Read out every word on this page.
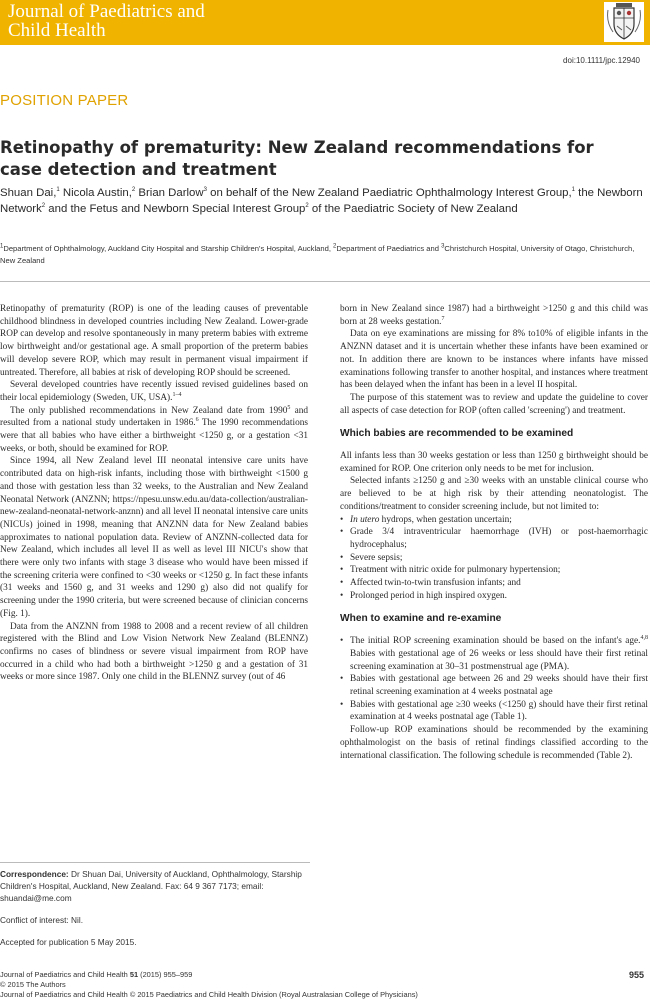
Journal of Paediatrics and
Child Health
doi:10.1111/jpc.12940
POSITION PAPER
Retinopathy of prematurity: New Zealand recommendations for case detection and treatment
Shuan Dai,$^1$ Nicola Austin,$^2$ Brian Darlow$^3$ on behalf of the New Zealand Paediatric Ophthalmology Interest Group,$^1$ the Newborn Network$^2$ and the Fetus and Newborn Special Interest Group$^2$ of the Paediatric Society of New Zealand
$^1$Department of Ophthalmology, Auckland City Hospital and Starship Children's Hospital, Auckland, $^2$Department of Paediatrics and $^3$Christchurch Hospital, University of Otago, Christchurch, New Zealand

Retinopathy of prematurity (ROP) is one of the leading causes of preventable childhood blindness in developed countries including New Zealand. Lower-grade ROP can develop and resolve spontaneously in many preterm babies with extreme low birthweight and/or gestational age. A small proportion of the preterm babies will develop severe ROP, which may result in permanent visual impairment if untreated. Therefore, all babies at risk of developing ROP should be screened.

Several developed countries have recently issued revised guidelines based on their local epidemiology (Sweden, UK, USA).$^{1-4}$

The only published recommendations in New Zealand date from 1990$^5$ and resulted from a national study undertaken in 1986.$^6$ The 1990 recommendations were that all babies who have either a birthweight <1250 g, or a gestation <31 weeks, or both, should be examined for ROP.

Since 1994, all New Zealand level III neonatal intensive care units have contributed data on high-risk infants, including those with birthweight <1500 g and those with gestation less than 32 weeks, to the Australian and New Zealand Neonatal Network (ANZNN; https://npesu.unsw.edu.au/data-collection/australian-new-zealand-neonatal-network-anznn) and all level II neonatal intensive care units (NICUs) joined in 1998, meaning that ANZNN data for New Zealand babies approximates to national population data. Review of ANZNN-collected data for New Zealand, which includes all level II as well as level III NICU's show that there were only two infants with stage 3 disease who would have been missed if the screening criteria were confined to <30 weeks or <1250 g. In fact these infants (31 weeks and 1560 g, and 31 weeks and 1290 g) also did not qualify for screening under the 1990 criteria, but were screened because of clinician concerns (Fig. 1).

Data from the ANZNN from 1988 to 2008 and a recent review of all children registered with the Blind and Low Vision Network New Zealand (BLENNZ) confirms no cases of blindness or severe visual impairment from ROP have occurred in a child who had both a birthweight >1250 g and a gestation of 31 weeks or more since 1987. Only one child in the BLENNZ survey (out of 46

Correspondence: Dr Shuan Dai, University of Auckland, Ophthalmology, Starship Children's Hospital, Auckland, New Zealand. Fax: 64 9 367 7173; email: shuandai@me.com

Conflict of interest: Nil.

Accepted for publication 5 May 2015.

born in New Zealand since 1987) had a birthweight >1250 g and this child was born at 28 weeks gestation.$^7$

Data on eye examinations are missing for 8% to10% of eligible infants in the ANZNN dataset and it is uncertain whether these infants have been examined or not. In addition there are known to be instances where infants have missed examinations following transfer to another hospital, and instances where treatment has been delayed when the infant has been in a level II hospital.

The purpose of this statement was to review and update the guideline to cover all aspects of case detection for ROP (often called 'screening') and treatment.

Which babies are recommended to be examined

All infants less than 30 weeks gestation or less than 1250 g birthweight should be examined for ROP. One criterion only needs to be met for inclusion.

Selected infants ≥1250 g and ≥30 weeks with an unstable clinical course who are believed to be at high risk by their attending neonatologist. The conditions/treatment to consider screening include, but not limited to:

• In utero hydrops, when gestation uncertain;
• Grade 3/4 intraventricular haemorrhage (IVH) or post-haemorrhagic hydrocephalus;
• Severe sepsis;
• Treatment with nitric oxide for pulmonary hypertension;
• Affected twin-to-twin transfusion infants; and
• Prolonged period in high inspired oxygen.
When to examine and re-examine
• The initial ROP screening examination should be based on the infant's age.$^{4,8}$ Babies with gestational age of 26 weeks or less should have their first retinal screening examination at 30–31 postmenstrual age (PMA).
• Babies with gestational age between 26 and 29 weeks should have their first retinal screening examination at 4 weeks postnatal age
• Babies with gestational age ≥30 weeks (<1250 g) should have their first retinal examination at 4 weeks postnatal age (Table 1).

Follow-up ROP examinations should be recommended by the examining ophthalmologist on the basis of retinal findings classified according to the international classification. The following schedule is recommended (Table 2).

Journal of Paediatrics and Child Health 51 (2015) 955–959
© 2015 The Authors
Journal of Paediatrics and Child Health © 2015 Paediatrics and Child Health Division (Royal Australasian College of Physicians)
955
